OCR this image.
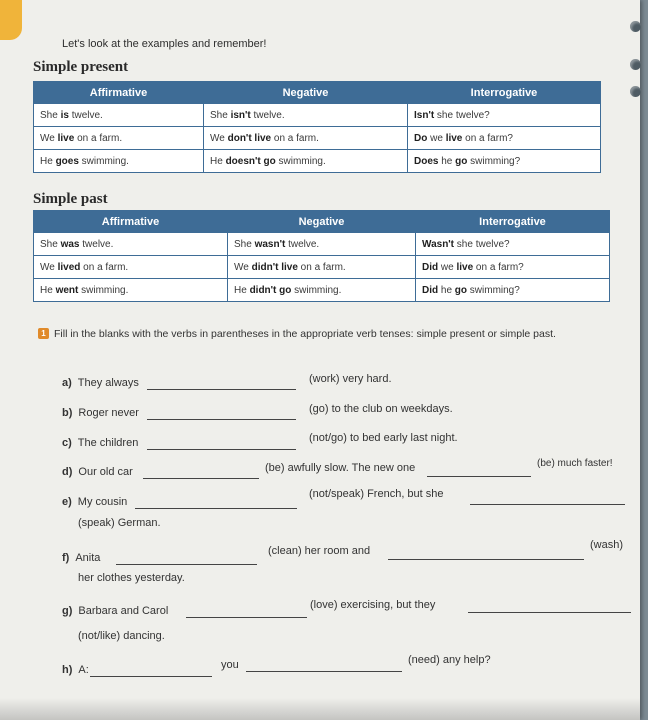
Let's look at the examples and remember!
Simple present
Affirmative	Negative	Interrogative
She is twelve.	She isn't twelve.	Isn't she twelve?
We live on a farm.	We don't live on a farm.	Do we live on a farm?
He goes swimming.	He doesn't go swimming.	Does he go swimming?
Simple past
Affirmative	Negative	Interrogative
She was twelve.	She wasn't twelve.	Wasn't she twelve?
We lived on a farm.	We didn't live on a farm.	Did we live on a farm?
He went swimming.	He didn't go swimming.	Did he go swimming?
1 Fill in the blanks with the verbs in parentheses in the appropriate verb tenses: simple present or simple past.
a) They always	(work) very hard.
b) Roger never	(go) to the club on weekdays.
c) The children	(not/go) to bed early last night.
d) Our old car	(be) awfully slow. The new one	(be) much faster!
e) My cousin
(not/speak) French, but she
(speak) German.
f) Anita
(clean) her room and	(wash)
her clothes yesterday.
g) Barbara and Carol	(love) exercising, but they
(not/like) dancing.
h) A:	you	(need) any help?
